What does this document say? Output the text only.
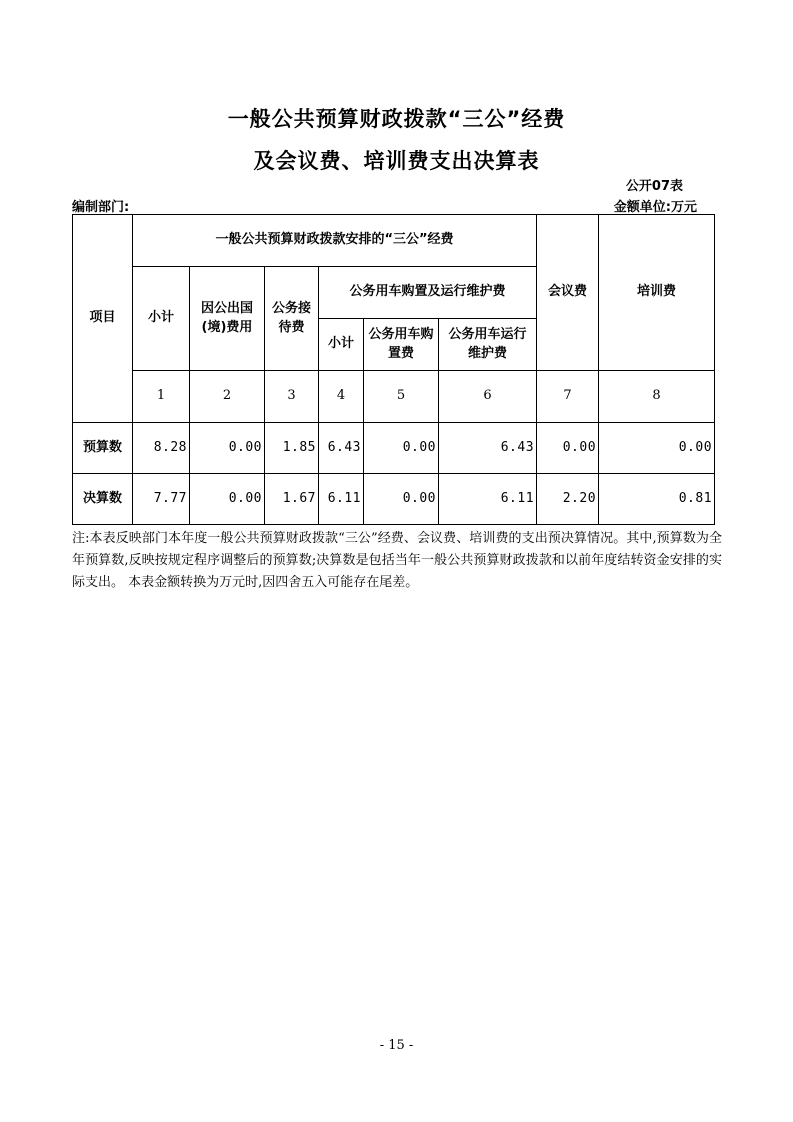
一般公共预算财政拨款“三公”经费
及会议费、培训费支出决算表
公开07表
编制部门:	金额单位:万元
项目	一般公共预算财政拨款安排的“三公”经费						会议费	培训费
	小计	因公出国(境)费用	公务接待费	公务用车购置及运行维护费				
				小计	公务用车购置费	公务用车运行维护费		

	1	2	3	4	5	6	7	8
预算数	8.28	0.00	1.85	6.43	0.00	6.43	0.00	0.00
决算数	7.77	0.00	1.67	6.11	0.00	6.11	2.20	0.81
注:本表反映部门本年度一般公共预算财政拨款“三公”经费、会议费、培训费的支出预决算情况。其中,预算数为全年预算数,反映按规定程序调整后的预算数;决算数是包括当年一般公共预算财政拨款和以前年度结转资金安排的实际支出。 本表金额转换为万元时,因四舍五入可能存在尾差。
- 15 -
